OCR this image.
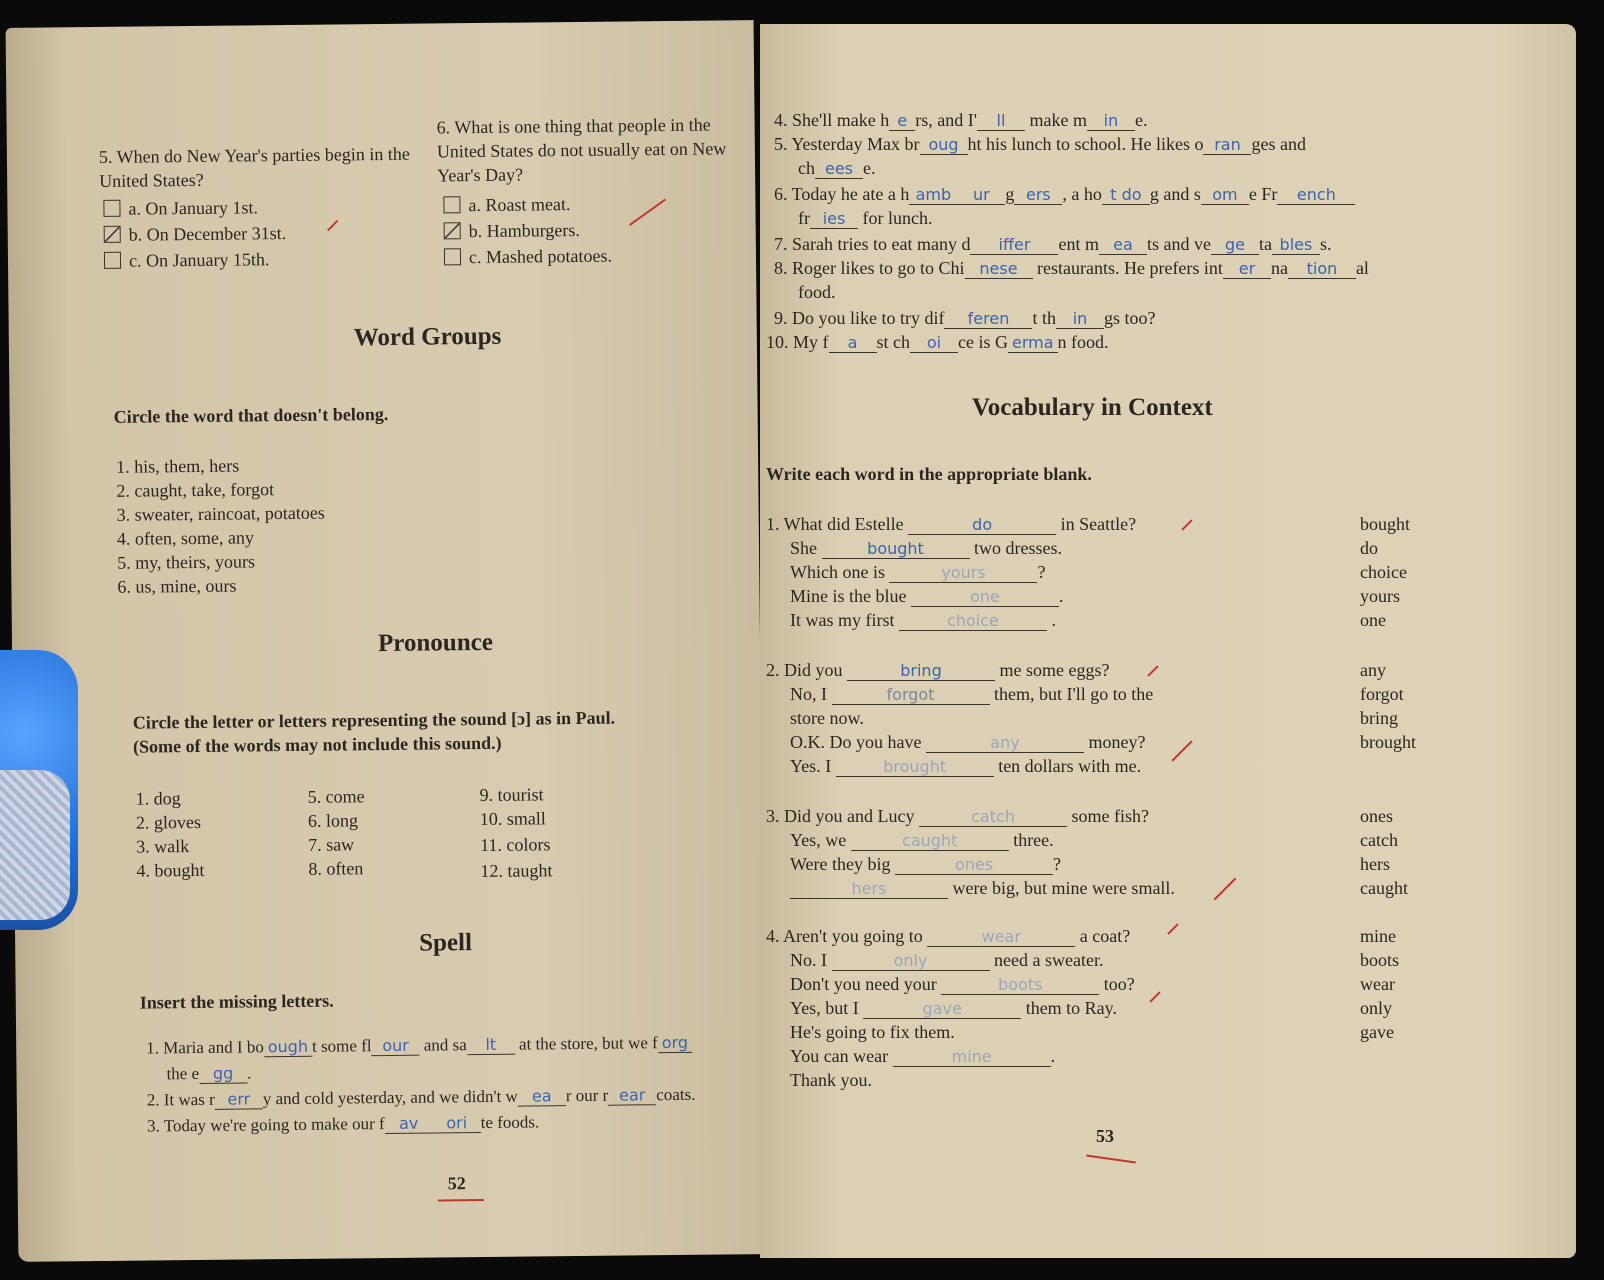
5. When do New Year's parties begin in the United States?
a. On January 1st.
b. On December 31st.
c. On January 15th.
6. What is one thing that people in the United States do not usually eat on New Year's Day?
a. Roast meat.
b. Hamburgers.
c. Mashed potatoes.
Word Groups
Circle the word that doesn't belong.
1. his, them, hers
2. caught, take, forgot
3. sweater, raincoat, potatoes
4. often, some, any
5. my, theirs, yours
6. us, mine, ours
Pronounce
Circle the letter or letters representing the sound [ɔ] as in Paul.
(Some of the words may not include this sound.)
1. dog
2. gloves
3. walk
4. bought
5. come
6. long
7. saw
8. often
9. tourist
10. small
11. colors
12. taught
Spell
Insert the missing letters.
1. Maria and I bo ough t some fl our and sa lt at the store, but we f org
the e gg .
2. It was r err y and cold yesterday, and we didn't w ea r our r ear coats.
3. Today we're going to make our f av ori te foods.
52
4. She'll make h e rs, and I' ll make m in e.
5. Yesterday Max br oug ht his lunch to school. He likes o ran ges and
ch ees e.
6. Today he ate a h amb ur g ers , a ho t do g and s om e Fr ench
fr ies for lunch.
7. Sarah tries to eat many d iffer ent m ea ts and ve ge ta bles s.
8. Roger likes to go to Chi nese restaurants. He prefers int er na tion al
food.
9. Do you like to try dif feren t th in gs too?
10. My f a st ch oi ce is G erma n food.
Vocabulary in Context
Write each word in the appropriate blank.
1. What did Estelle	do	in Seattle?
She	bought	two dresses.
Which one is	yours	?
Mine is the blue	one	.
It was my first	choice	.
bought
do
choice
yours
one
2. Did you	bring	me some eggs?
No, I	forgot	them, but I'll go to the
store now.
O.K. Do you have	any	money?
Yes. I	brought	ten dollars with me.
any
forgot
bring
brought
3. Did you and Lucy	catch	some fish?
Yes, we	caught	three.
Were they big	ones	?
hers	were big, but mine were small.
ones
catch
hers
caught
4. Aren't you going to	wear	a coat?
No. I	only	need a sweater.
Don't you need your	boots	too?
Yes, but I	gave	them to Ray.
He's going to fix them.
You can wear	mine	.
Thank you.
mine
boots
wear
only
gave
53
